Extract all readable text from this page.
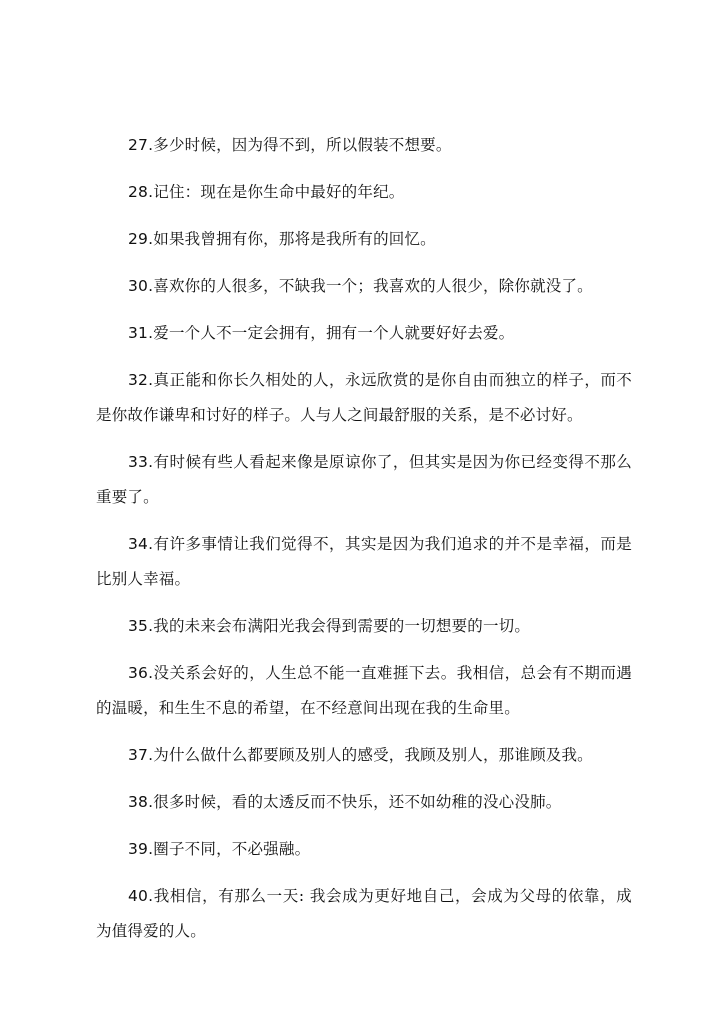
27.多少时候，因为得不到，所以假装不想要。

28.记住：现在是你生命中最好的年纪。

29.如果我曾拥有你，那将是我所有的回忆。

30.喜欢你的人很多，不缺我一个；我喜欢的人很少，除你就没了。

31.爱一个人不一定会拥有，拥有一个人就要好好去爱。

32.真正能和你长久相处的人，永远欣赏的是你自由而独立的样子，而不是你故作谦卑和讨好的样子。人与人之间最舒服的关系，是不必讨好。

33.有时候有些人看起来像是原谅你了，但其实是因为你已经变得不那么重要了。

34.有许多事情让我们觉得不，其实是因为我们追求的并不是幸福，而是比别人幸福。

35.我的未来会布满阳光我会得到需要的一切想要的一切。

36.没关系会好的，人生总不能一直难捱下去。我相信，总会有不期而遇的温暖，和生生不息的希望，在不经意间出现在我的生命里。

37.为什么做什么都要顾及别人的感受，我顾及别人，那谁顾及我。

38.很多时候，看的太透反而不快乐，还不如幼稚的没心没肺。

39.圈子不同，不必强融。

40.我相信，有那么一天: 我会成为更好地自己，会成为父母的依靠，成为值得爱的人。
